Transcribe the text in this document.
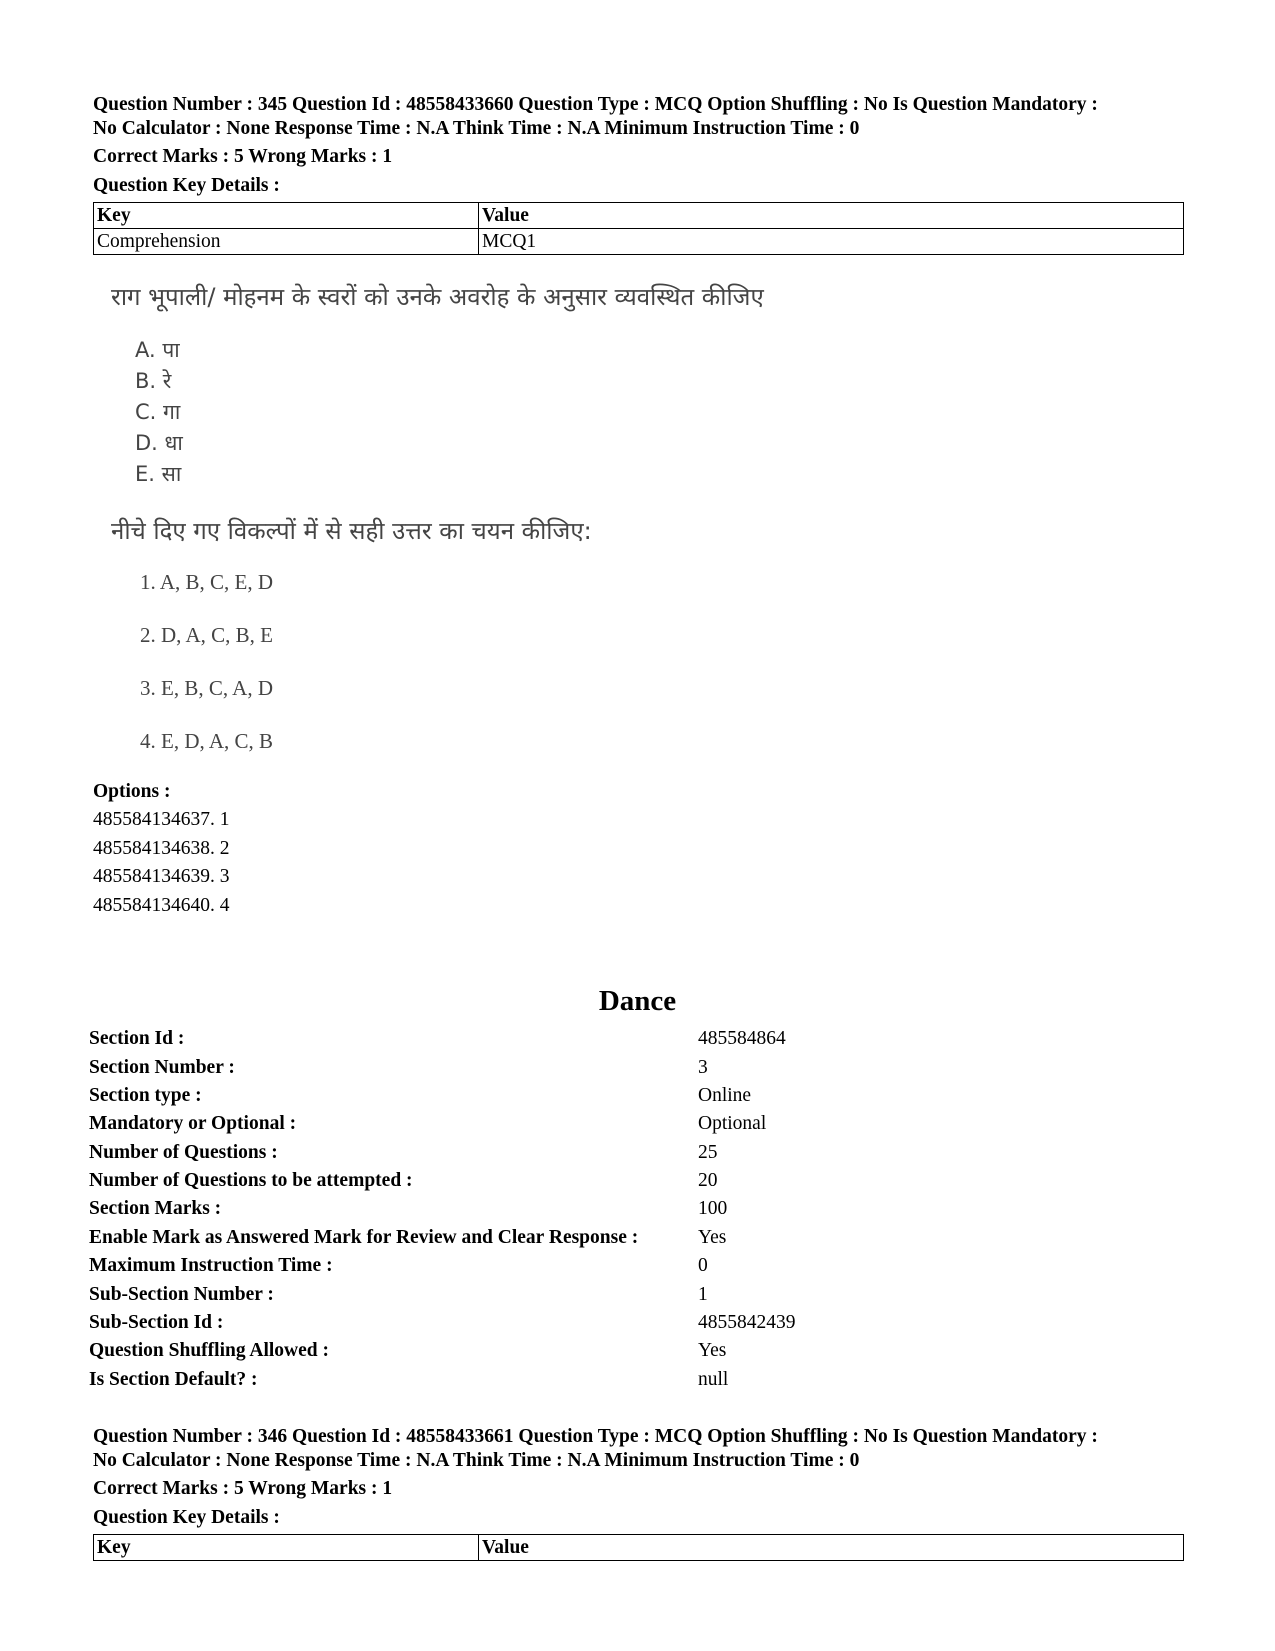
Question Number : 345 Question Id : 48558433660 Question Type : MCQ Option Shuffling : No Is Question Mandatory :
No Calculator : None Response Time : N.A Think Time : N.A Minimum Instruction Time : 0
Correct Marks : 5 Wrong Marks : 1
Question Key Details :
Key	Value
Comprehension	MCQ1
राग भूपाली/ मोहनम के स्वरों को उनके अवरोह के अनुसार व्यवस्थित कीजिए
A. पा
B. रे
C. गा
D. धा
E. सा
नीचे दिए गए विकल्पों में से सही उत्तर का चयन कीजिए:
1. A, B, C, E, D
2. D, A, C, B, E
3. E, B, C, A, D
4. E, D, A, C, B
Options :
485584134637. 1
485584134638. 2
485584134639. 3
485584134640. 4
Dance
Section Id :	485584864
Section Number :	3
Section type :	Online
Mandatory or Optional :	Optional
Number of Questions :	25
Number of Questions to be attempted :	20
Section Marks :	100
Enable Mark as Answered Mark for Review and Clear Response :	Yes
Maximum Instruction Time :	0
Sub-Section Number :	1
Sub-Section Id :	4855842439
Question Shuffling Allowed :	Yes
Is Section Default? :	null
Question Number : 346 Question Id : 48558433661 Question Type : MCQ Option Shuffling : No Is Question Mandatory :
No Calculator : None Response Time : N.A Think Time : N.A Minimum Instruction Time : 0
Correct Marks : 5 Wrong Marks : 1
Question Key Details :
Key	Value
